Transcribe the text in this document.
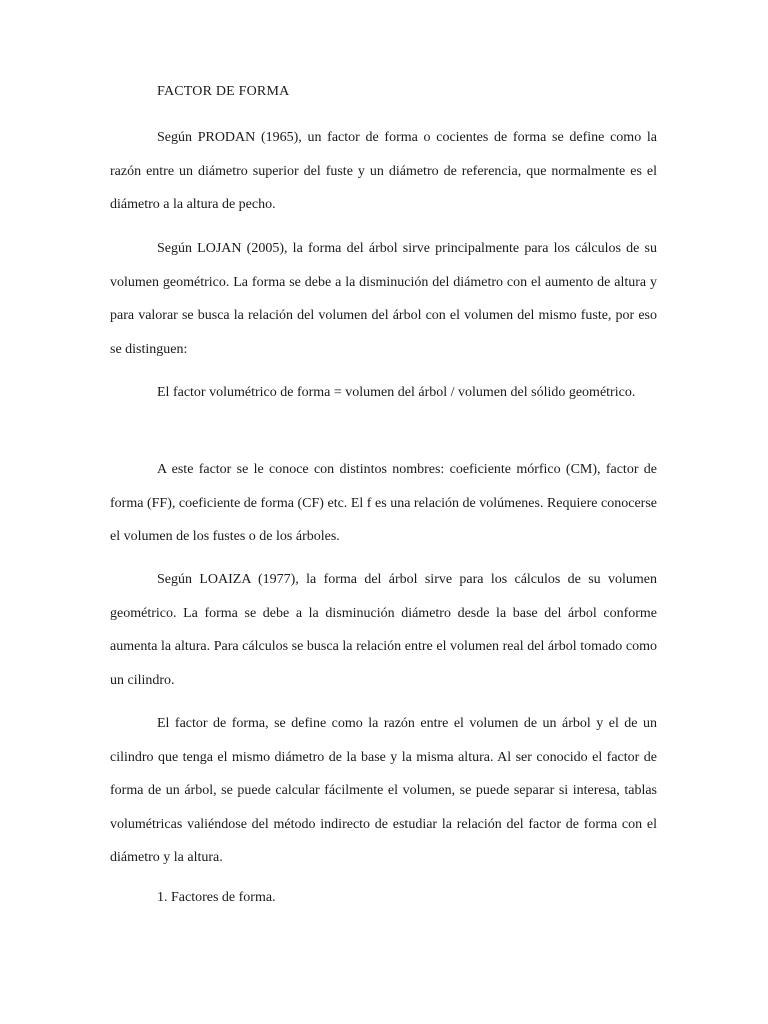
FACTOR DE FORMA

Según PRODAN (1965), un factor de forma o cocientes de forma se define como la razón entre un diámetro superior del fuste y un diámetro de referencia, que normalmente es el diámetro a la altura de pecho.

Según LOJAN (2005), la forma del árbol sirve principalmente para los cálculos de su volumen geométrico. La forma se debe a la disminución del diámetro con el aumento de altura y para valorar se busca la relación del volumen del árbol con el volumen del mismo fuste, por eso se distinguen:

El factor volumétrico de forma = volumen del árbol / volumen del sólido geométrico.

A este factor se le conoce con distintos nombres: coeficiente mórfico (CM), factor de forma (FF), coeficiente de forma (CF) etc. El f es una relación de volúmenes. Requiere conocerse el volumen de los fustes o de los árboles.

Según LOAIZA (1977), la forma del árbol sirve para los cálculos de su volumen geométrico. La forma se debe a la disminución diámetro desde la base del árbol conforme aumenta la altura. Para cálculos se busca la relación entre el volumen real del árbol tomado como un cilindro.

El factor de forma, se define como la razón entre el volumen de un árbol y el de un cilindro que tenga el mismo diámetro de la base y la misma altura. Al ser conocido el factor de forma de un árbol, se puede calcular fácilmente el volumen, se puede separar si interesa, tablas volumétricas valiéndose del método indirecto de estudiar la relación del factor de forma con el diámetro y la altura.

1. Factores de forma.
